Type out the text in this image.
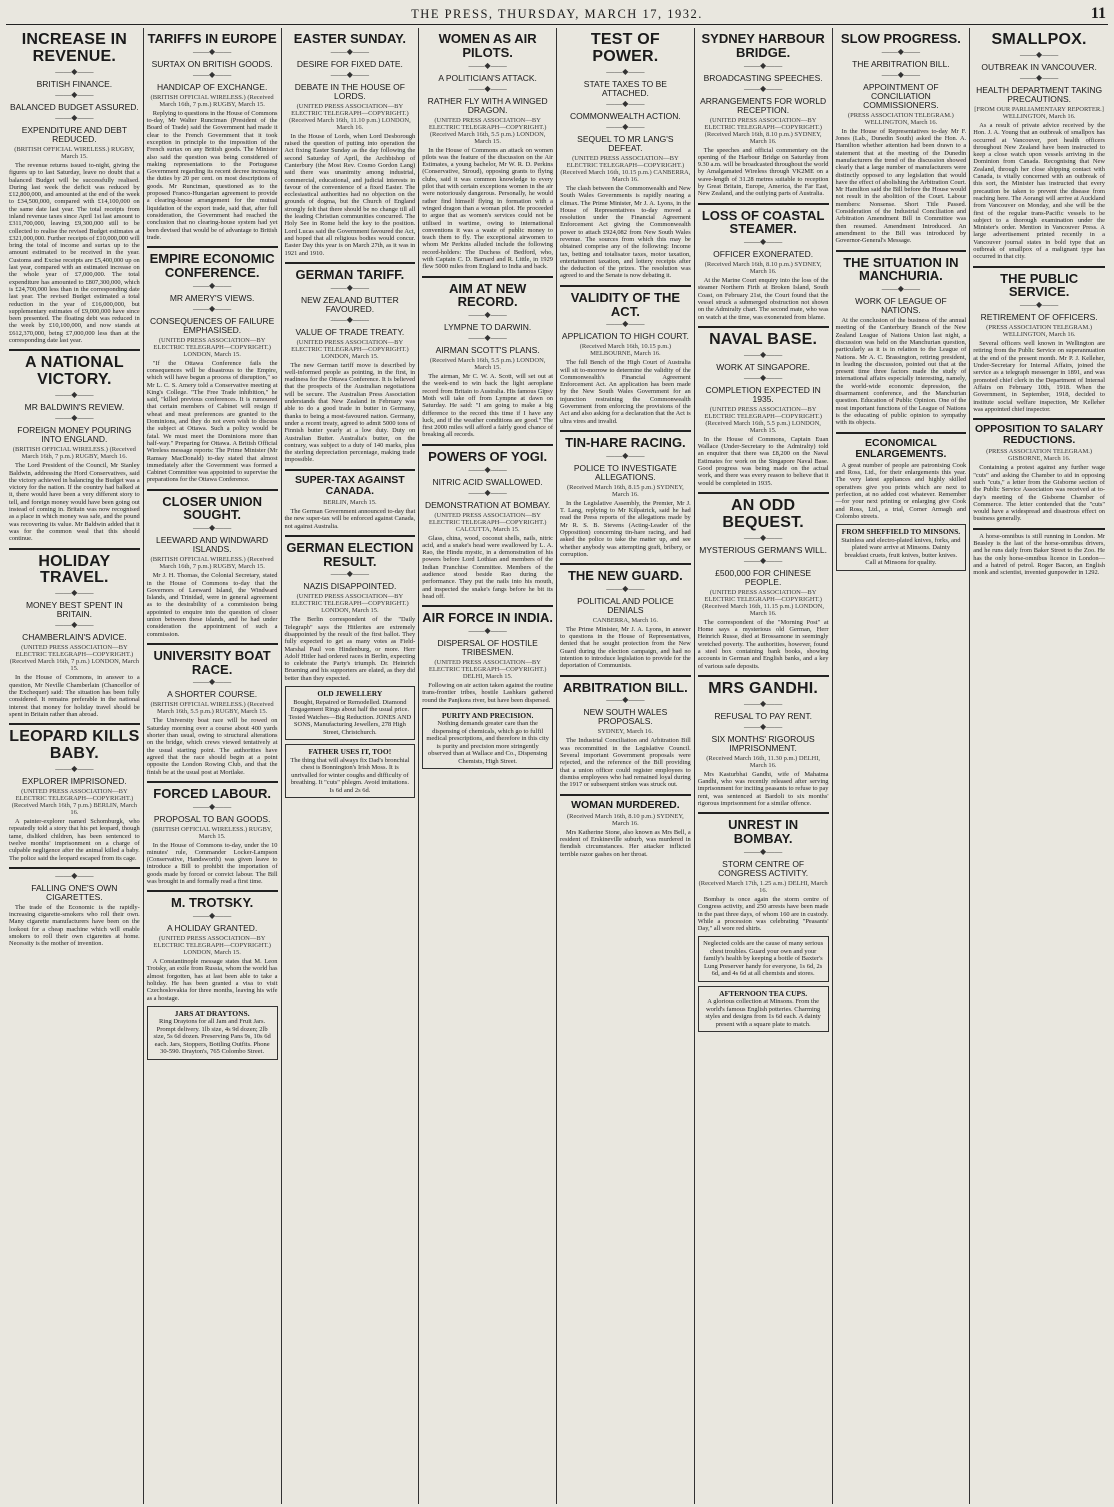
THE PRESS, THURSDAY, MARCH 17, 1932.	11
INCREASE IN REVENUE.
——◆——
BRITISH FINANCE.
——◆——
BALANCED BUDGET ASSURED.
——◆——
EXPENDITURE AND DEBT REDUCED.
(BRITISH OFFICIAL WIRELESS.) RUGBY, March 15.

The revenue returns issued to-night, giving the figures up to last Saturday, leave no doubt that a balanced Budget will be successfully realised. During last week the deficit was reduced by £12,800,000, and amounted at the end of the week to £34,500,000, compared with £14,100,000 on the same date last year. The total receipts from inland revenue taxes since April 1st last amount to £311,700,000, leaving £9,300,000 still to be collected to realise the revised Budget estimates at £321,000,000. Further receipts of £10,000,000 will bring the total of income and surtax up to the amount estimated to be received in the year. Customs and Excise receipts are £5,400,000 up on last year, compared with an estimated increase on the whole year of £7,000,000. The total expenditure has amounted to £807,300,000, which is £24,700,000 less than in the corresponding date last year. The revised Budget estimated a total reduction in the year of £16,000,000, but supplementary estimates of £9,000,000 have since been presented. The floating debt was reduced in the week by £10,100,000, and now stands at £612,370,000, being £7,000,000 less than at the corresponding date last year.

A NATIONAL VICTORY.
——◆——
MR BALDWIN'S REVIEW.
——◆——
FOREIGN MONEY POURING INTO ENGLAND.
(BRITISH OFFICIAL WIRELESS.) (Received March 16th, 7 p.m.) RUGBY, March 16.

The Lord President of the Council, Mr Stanley Baldwin, addressing the Hord Conservatives, said the victory achieved in balancing the Budget was a victory for the nation. If the country had balked at it, there would have been a very different story to tell, and foreign money would have been going out instead of coming in. Britain was now recognised as a place in which money was safe, and the pound was recovering its value. Mr Baldwin added that it was for the common weal that this should continue.

HOLIDAY TRAVEL.
——◆——
MONEY BEST SPENT IN BRITAIN.
——◆——
CHAMBERLAIN'S ADVICE.
(UNITED PRESS ASSOCIATION—BY ELECTRIC TELEGRAPH—COPYRIGHT.) (Received March 16th, 7 p.m.) LONDON, March 15.

In the House of Commons, in answer to a question, Mr Neville Chamberlain (Chancellor of the Exchequer) said: The situation has been fully considered. It remains preferable in the national interest that money for holiday travel should be spent in Britain rather than abroad.

LEOPARD KILLS BABY.
——◆——
EXPLORER IMPRISONED.
(UNITED PRESS ASSOCIATION—BY ELECTRIC TELEGRAPH—COPYRIGHT.) (Received March 16th, 7 p.m.) BERLIN, March 16.

A painter-explorer named Schomburgk, who repeatedly told a story that his pet leopard, though tame, disliked children, has been sentenced to twelve months' imprisonment on a charge of culpable negligence after the animal killed a baby. The police said the leopard escaped from its cage.

——◆——
FALLING ONE'S OWN CIGARETTES.

The trade of the Economic is the rapidly-increasing cigarette-smokers who roll their own. Many cigarette manufacturers have been on the lookout for a cheap machine which will enable smokers to roll their own cigarettes at home. Necessity is the mother of invention.

TARIFFS IN EUROPE
——◆——
SURTAX ON BRITISH GOODS.
——◆——
HANDICAP OF EXCHANGE.
(BRITISH OFFICIAL WIRELESS.) (Received March 16th, 7 p.m.) RUGBY, March 15.

Replying to questions in the House of Commons to-day, Mr Walter Runciman (President of the Board of Trade) said the Government had made it clear to the French Government that it took exception in principle to the imposition of the French surtax on any British goods. The Minister also said the question was being considered of making representations to the Portuguese Government regarding its recent decree increasing the duties by 20 per cent. on most descriptions of goods. Mr Runciman, questioned as to the proposed Franco-Hungarian agreement to provide a clearing-house arrangement for the mutual liquidation of the export trade, said that, after full consideration, the Government had reached the conclusion that no clearing-house system had yet been devised that would be of advantage to British trade.

EMPIRE ECONOMIC CONFERENCE.
——◆——
MR AMERY'S VIEWS.
——◆——
CONSEQUENCES OF FAILURE EMPHASISED.
(UNITED PRESS ASSOCIATION—BY ELECTRIC TELEGRAPH—COPYRIGHT.) LONDON, March 15.

"If the Ottawa Conference fails the consequences will be disastrous to the Empire, which will have begun a process of disruption," so Mr L. C. S. Amery told a Conservative meeting at King's College. "The Free Trade inhibition," he said, "killed previous conferences. It is rumoured that certain members of Cabinet will resign if wheat and meat preferences are granted to the Dominions, and they do not even wish to discuss the subject at Ottawa. Such a policy would be fatal. We must meet the Dominions more than half-way." Preparing for Ottawa. A British Official Wireless message reports: The Prime Minister (Mr Ramsay MacDonald) to-day stated that almost immediately after the Government was formed a Cabinet Committee was appointed to supervise the preparations for the Ottawa Conference.

CLOSER UNION SOUGHT.
——◆——
LEEWARD AND WINDWARD ISLANDS.
(BRITISH OFFICIAL WIRELESS.) (Received March 16th, 7 p.m.) RUGBY, March 15.

Mr J. H. Thomas, the Colonial Secretary, stated in the House of Commons to-day that the Governors of Leeward Island, the Windward Islands, and Trinidad, were in general agreement as to the desirability of a commission being appointed to enquire into the question of closer union between these islands, and he had under consideration the appointment of such a commission.

UNIVERSITY BOAT RACE.
——◆——
A SHORTER COURSE.
(BRITISH OFFICIAL WIRELESS.) (Received March 16th, 5.5 p.m.) RUGBY, March 15.

The University boat race will be rowed on Saturday morning over a course about 400 yards shorter than usual, owing to structural alterations on the bridge, which crews viewed tentatively at the usual starting point. The authorities have agreed that the race should begin at a point opposite the London Rowing Club, and that the finish be at the usual post at Mortlake.

FORCED LABOUR.
——◆——
PROPOSAL TO BAN GOODS.
(BRITISH OFFICIAL WIRELESS.) RUGBY, March 15.

In the House of Commons to-day, under the 10 minutes' rule, Commander Locker-Lampson (Conservative, Handsworth) was given leave to introduce a Bill to prohibit the importation of goods made by forced or convict labour. The Bill was brought in and formally read a first time.

M. TROTSKY.
——◆——
A HOLIDAY GRANTED.
(UNITED PRESS ASSOCIATION—BY ELECTRIC TELEGRAPH—COPYRIGHT.) LONDON, March 15.

A Constantinople message states that M. Leon Trotsky, an exile from Russia, whom the world has almost forgotten, has at last been able to take a holiday. He has been granted a visa to visit Czechoslovakia for three months, leaving his wife as a hostage.

JARS AT DRAYTONS.
Ring Draytons for all Jam and Fruit Jars. Prompt delivery. 1lb size, 4s 9d dozen; 2lb size, 5s 6d dozen. Preserving Pans 9s, 10s 6d each. Jars, Stoppers, Bottling Outfits. Phone 30-590. Drayton's, 765 Colombo Street.
EASTER SUNDAY.
——◆——
DESIRE FOR FIXED DATE.
——◆——
DEBATE IN THE HOUSE OF LORDS.
(UNITED PRESS ASSOCIATION—BY ELECTRIC TELEGRAPH—COPYRIGHT.) (Received March 16th, 11.10 p.m.) LONDON, March 16.

In the House of Lords, when Lord Desborough raised the question of putting into operation the Act fixing Easter Sunday as the day following the second Saturday of April, the Archbishop of Canterbury (the Most Rev. Cosmo Gordon Lang) said there was unanimity among industrial, commercial, educational, and judicial interests in favour of the convenience of a fixed Easter. The ecclesiastical authorities had no objection on the grounds of dogma, but the Church of England strongly felt that there should be no change till all the leading Christian communities concurred. The Holy See in Rome held the key to the position. Lord Lucas said the Government favoured the Act, and hoped that all religious bodies would concur. Easter Day this year is on March 27th, as it was in 1921 and 1910.

GERMAN TARIFF.
——◆——
NEW ZEALAND BUTTER FAVOURED.
——◆——
VALUE OF TRADE TREATY.
(UNITED PRESS ASSOCIATION—BY ELECTRIC TELEGRAPH—COPYRIGHT.) LONDON, March 15.

The new German tariff move is described by well-informed people as pointing, in the first, in readiness for the Ottawa Conference. It is believed that the prospects of the Australian negotiations will be secure. The Australian Press Association understands that New Zealand in February was able to do a good trade in butter in Germany, thanks to being a most-favoured nation. Germany, under a recent treaty, agreed to admit 5000 tons of Finnish butter yearly at a low duty. Duty on Australian Butter. Australia's butter, on the contrary, was subject to a duty of 140 marks, plus the sterling depreciation percentage, making trade impossible.

SUPER-TAX AGAINST CANADA.
BERLIN, March 15.

The German Government announced to-day that the new super-tax will be enforced against Canada, not against Australia.

GERMAN ELECTION RESULT.
——◆——
NAZIS DISAPPOINTED.
(UNITED PRESS ASSOCIATION—BY ELECTRIC TELEGRAPH—COPYRIGHT.) LONDON, March 15.

The Berlin correspondent of the "Daily Telegraph" says the Hitlerites are extremely disappointed by the result of the first ballot. They fully expected to get as many votes as Field-Marshal Paul von Hindenburg, or more. Herr Adolf Hitler had ordered races in Berlin, expecting to celebrate the Party's triumph. Dr. Heinrich Bruening and his supporters are elated, as they did better than they expected.

OLD JEWELLERY
Bought, Repaired or Remodelled. Diamond Engagement Rings about half the usual price. Tested Watches—Big Reduction. JONES AND SONS, Manufacturing Jewellers, 278 High Street, Christchurch.
FATHER USES IT, TOO!
The thing that will always fix Dad's bronchial chest is Bonnington's Irish Moss. It is unrivalled for winter coughs and difficulty of breathing. It "cuts" phlegm. Avoid imitations. Is 6d and 2s 6d.
WOMEN AS AIR PILOTS.
——◆——
A POLITICIAN'S ATTACK.
——◆——
RATHER FLY WITH A WINGED DRAGON.
(UNITED PRESS ASSOCIATION—BY ELECTRIC TELEGRAPH—COPYRIGHT.) (Received March 16th, 5.5 p.m.) LONDON, March 15.

In the House of Commons an attack on women pilots was the feature of the discussion on the Air Estimates, a young bachelor, Mr W. R. D. Perkins (Conservative, Stroud), opposing grants to flying clubs, said it was common knowledge to every pilot that with certain exceptions women in the air were notoriously dangerous. Personally, he would rather find himself flying in formation with a winged dragon than a woman pilot. He proceeded to argue that as women's services could not be utilised in wartime, owing to international conventions it was a waste of public money to teach them to fly. The exceptional airwomen to whom Mr Perkins alluded include the following record-holders: The Duchess of Bedford, who, with Captain C. D. Barnard and R. Little, in 1929 flew 5000 miles from England to India and back.

AIM AT NEW RECORD.
——◆——
LYMPNE TO DARWIN.
——◆——
AIRMAN SCOTT'S PLANS.
(Received March 16th, 5.5 p.m.) LONDON, March 15.

The airman, Mr C. W. A. Scott, will set out at the week-end to win back the light aeroplane record from Britain to Australia. His famous Gipsy Moth will take off from Lympne at dawn on Saturday. He said: "I am going to make a big difference to the record this time if I have any luck, and if the weather conditions are good." The first 2000 miles will afford a fairly good chance of breaking all records.

POWERS OF YOGI.
——◆——
NITRIC ACID SWALLOWED.
——◆——
DEMONSTRATION AT BOMBAY.
(UNITED PRESS ASSOCIATION—BY ELECTRIC TELEGRAPH—COPYRIGHT.) CALCUTTA, March 15.

Glass, china, wood, coconut shells, nails, nitric acid, and a snake's head were swallowed by L. A. Rao, the Hindu mystic, in a demonstration of his powers before Lord Lothian and members of the Indian Franchise Committee. Members of the audience stood beside Rao during the performance. They put the nails into his mouth, and inspected the snake's fangs before he bit its head off.

AIR FORCE IN INDIA.
——◆——
DISPERSAL OF HOSTILE TRIBESMEN.
(UNITED PRESS ASSOCIATION—BY ELECTRIC TELEGRAPH—COPYRIGHT.) DELHI, March 15.

Following on air action taken against the routine trans-frontier tribes, hostile Lashkars gathered round the Panjkora river, but have been dispersed.

PURITY AND PRECISION.
Nothing demands greater care than the dispensing of chemicals, which go to fulfil medical prescriptions, and therefore in this city is purity and precision more stringently observed than at Wallace and Co., Dispensing Chemists, High Street.
TEST OF POWER.
——◆——
STATE TAXES TO BE ATTACHED.
——◆——
COMMONWEALTH ACTION.
——◆——
SEQUEL TO MR LANG'S DEFEAT.
(UNITED PRESS ASSOCIATION—BY ELECTRIC TELEGRAPH—COPYRIGHT.) (Received March 16th, 10.15 p.m.) CANBERRA, March 16.

The clash between the Commonwealth and New South Wales Governments is rapidly nearing a climax. The Prime Minister, Mr J. A. Lyons, in the House of Representatives to-day moved a resolution under the Financial Agreement Enforcement Act giving the Commonwealth power to attach £924,082 from New South Wales revenue. The sources from which this may be obtained comprise any of the following: Income tax, betting and totalisator taxes, motor taxation, entertainment taxation, and lottery receipts after the deduction of the prizes. The resolution was agreed to and the Senate is now debating it.

VALIDITY OF THE ACT.
——◆——
APPLICATION TO HIGH COURT.
(Received March 16th, 10.15 p.m.) MELBOURNE, March 16.

The full Bench of the High Court of Australia will sit to-morrow to determine the validity of the Commonwealth's Financial Agreement Enforcement Act. An application has been made by the New South Wales Government for an injunction restraining the Commonwealth Government from enforcing the provisions of the Act and also asking for a declaration that the Act is ultra vires and invalid.

TIN-HARE RACING.
——◆——
POLICE TO INVESTIGATE ALLEGATIONS.
(Received March 16th, 8.15 p.m.) SYDNEY, March 16.

In the Legislative Assembly, the Premier, Mr J. T. Lang, replying to Mr Kilpatrick, said he had read the Press reports of the allegations made by Mr R. S. B. Stevens (Acting-Leader of the Opposition) concerning tin-hare racing, and had asked the police to take the matter up, and see whether anybody was attempting graft, bribery, or corruption.

THE NEW GUARD.
——◆——
POLITICAL AND POLICE DENIALS
CANBERRA, March 16.

The Prime Minister, Mr J. A. Lyons, in answer to questions in the House of Representatives, denied that he sought protection from the New Guard during the election campaign, and had no intention to introduce legislation to provide for the deportation of Communists.

ARBITRATION BILL.
——◆——
NEW SOUTH WALES PROPOSALS.
SYDNEY, March 16.

The Industrial Conciliation and Arbitration Bill was recommitted in the Legislative Council. Several important Government proposals were rejected, and the reference of the Bill providing that a union officer could register employees to dismiss employees who had remained loyal during the 1917 or subsequent strikes was struck out.

WOMAN MURDERED.
(Received March 16th, 8.10 p.m.) SYDNEY, March 16.

Mrs Katherine Stone, also known as Mrs Bell, a resident of Erskineville suburb, was murdered in fiendish circumstances. Her attacker inflicted terrible razor gashes on her throat.

SYDNEY HARBOUR BRIDGE.
——◆——
BROADCASTING SPEECHES.
——◆——
ARRANGEMENTS FOR WORLD RECEPTION.
(UNITED PRESS ASSOCIATION—BY ELECTRIC TELEGRAPH—COPYRIGHT.) (Received March 16th, 8.10 p.m.) SYDNEY, March 16.

The speeches and official commentary on the opening of the Harbour Bridge on Saturday from 9.30 a.m. will be broadcasted throughout the world by Amalgamated Wireless through VK2ME on a wave-length of 31.28 metres suitable to reception by Great Britain, Europe, America, the Far East, New Zealand, and the outlying parts of Australia.

LOSS OF COASTAL STEAMER.
——◆——
OFFICER EXONERATED.
(Received March 16th, 8.10 p.m.) SYDNEY, March 16.

At the Marine Court enquiry into the loss of the steamer Northern Firth at Broken Island, South Coast, on February 21st, the Court found that the vessel struck a submerged obstruction not shown on the Admiralty chart. The second mate, who was on watch at the time, was exonerated from blame.

NAVAL BASE.
——◆——
WORK AT SINGAPORE.
——◆——
COMPLETION EXPECTED IN 1935.
(UNITED PRESS ASSOCIATION—BY ELECTRIC TELEGRAPH—COPYRIGHT.) (Received March 16th, 5.5 p.m.) LONDON, March 15.

In the House of Commons, Captain Euan Wallace (Under-Secretary to the Admiralty) told an enquirer that there was £8,200 on the Naval Estimates for work on the Singapore Naval Base. Good progress was being made on the actual work, and there was every reason to believe that it would be completed in 1935.

AN ODD BEQUEST.
——◆——
MYSTERIOUS GERMAN'S WILL.
——◆——
£500,000 FOR CHINESE PEOPLE.
(UNITED PRESS ASSOCIATION—BY ELECTRIC TELEGRAPH—COPYRIGHT.) (Received March 16th, 11.15 p.m.) LONDON, March 16.

The correspondent of the "Morning Post" at Home says a mysterious old German, Herr Heinrich Russe, died at Brossamone in seemingly wretched poverty. The authorities, however, found a steel box containing bank books, showing accounts in German and English banks, and a key of various safe deposits.

MRS GANDHI.
——◆——
REFUSAL TO PAY RENT.
——◆——
SIX MONTHS' RIGOROUS IMPRISONMENT.
(Received March 16th, 11.30 p.m.) DELHI, March 16.

Mrs Kasturbhai Gandhi, wife of Mahatma Gandhi, who was recently released after serving imprisonment for inciting peasants to refuse to pay rent, was sentenced at Bardoli to six months' rigorous imprisonment for a similar offence.

UNREST IN BOMBAY.
——◆——
STORM CENTRE OF CONGRESS ACTIVITY.
(Received March 17th, 1.25 a.m.) DELHI, March 16.

Bombay is once again the storm centre of Congress activity, and 250 arrests have been made in the past three days, of whom 160 are in custody. While a procession was celebrating "Peasants' Day," all wore red shirts.

Neglected colds are the cause of many serious chest troubles. Guard your own and your family's health by keeping a bottle of Baxter's Lung Preserver handy for everyone, 1s 6d, 2s 6d, and 4s 6d at all chemists and stores.
AFTERNOON TEA CUPS.
A glorious collection at Minsons. From the world's famous English potteries. Charming styles and designs from 1s 6d each. A dainty present with a square plate to match.
SLOW PROGRESS.
——◆——
THE ARBITRATION BILL.
——◆——
APPOINTMENT OF CONCILIATION COMMISSIONERS.
(PRESS ASSOCIATION TELEGRAM.) WELLINGTON, March 16.

In the House of Representatives to-day Mr F. Jones (Lab., Dunedin South) asked the Hon. A. Hamilton whether attention had been drawn to a statement that at the meeting of the Dunedin manufacturers the trend of the discussion showed clearly that a large number of manufacturers were distinctly opposed to any legislation that would have the effect of abolishing the Arbitration Court. Mr Hamilton said the Bill before the House would not result in the abolition of the Court. Labour members: Nonsense. Short Title Passed. Consideration of the Industrial Conciliation and Arbitration Amendment Bill in Committee was then resumed. Amendment Introduced. An amendment to the Bill was introduced by Governor-General's Message.

THE SITUATION IN MANCHURIA.
——◆——
WORK OF LEAGUE OF NATIONS.

At the conclusion of the business of the annual meeting of the Canterbury Branch of the New Zealand League of Nations Union last night, a discussion was held on the Manchurian question, particularly as it is in relation to the League of Nations. Mr A. C. Brassington, retiring president, in leading the discussion, pointed out that at the present time three factors made the study of international affairs especially interesting, namely, the world-wide economic depression, the disarmament conference, and the Manchurian question. Education of Public Opinion. One of the most important functions of the League of Nations is the educating of public opinion to sympathy with its objects.

ECONOMICAL ENLARGEMENTS.

A great number of people are patronising Cook and Ross, Ltd., for their enlargements this year. The very latest appliances and highly skilled operatives give you prints which are next to perfection, at no added cost whatever. Remember—for your next printing or enlarging give Cook and Ross, Ltd., a trial, Corner Armagh and Colombo streets.

FROM SHEFFIELD TO MINSONS.
Stainless and electro-plated knives, forks, and plated ware arrive at Minsons. Dainty breakfast cruets, fruit knives, butter knives. Call at Minsons for quality.
SMALLPOX.
——◆——
OUTBREAK IN VANCOUVER.
——◆——
HEALTH DEPARTMENT TAKING PRECAUTIONS.
[FROM OUR PARLIAMENTARY REPORTER.] WELLINGTON, March 16.

As a result of private advice received by the Hon. J. A. Young that an outbreak of smallpox has occurred at Vancouver, port health officers throughout New Zealand have been instructed to keep a close watch upon vessels arriving in the Dominion from Canada. Recognising that New Zealand, through her close shipping contact with Canada, is vitally concerned with an outbreak of this sort, the Minister has instructed that every precaution be taken to prevent the disease from reaching here. The Aorangi will arrive at Auckland from Vancouver on Monday, and she will be the first of the regular trans-Pacific vessels to be subject to a thorough examination under the Minister's order. Mention in Vancouver Press. A large advertisement printed recently in a Vancouver journal states in bold type that an outbreak of smallpox of a malignant type has occurred in that city.

THE PUBLIC SERVICE.
——◆——
RETIREMENT OF OFFICERS.
(PRESS ASSOCIATION TELEGRAM.) WELLINGTON, March 16.

Several officers well known in Wellington are retiring from the Public Service on superannuation at the end of the present month. Mr P. J. Kelleher, Under-Secretary for Internal Affairs, joined the service as a telegraph messenger in 1891, and was promoted chief clerk in the Department of Internal Affairs on February 10th, 1918. When the Government, in September, 1918, decided to institute social welfare inspection, Mr Kelleher was appointed chief inspector.

OPPOSITION TO SALARY REDUCTIONS.
(PRESS ASSOCIATION TELEGRAM.) GISBORNE, March 16.

Containing a protest against any further wage "cuts" and asking the Chamber to aid in opposing such "cuts," a letter from the Gisborne section of the Public Service Association was received at to-day's meeting of the Gisborne Chamber of Commerce. The letter contended that the "cuts" would have a widespread and disastrous effect on business generally.

A horse-omnibus is still running in London. Mr Beasley is the last of the horse-omnibus drivers, and he runs daily from Baker Street to the Zoo. He has the only horse-omnibus licence in London—and a hatred of petrol. Roger Bacon, an English monk and scientist, invented gunpowder in 1292.
